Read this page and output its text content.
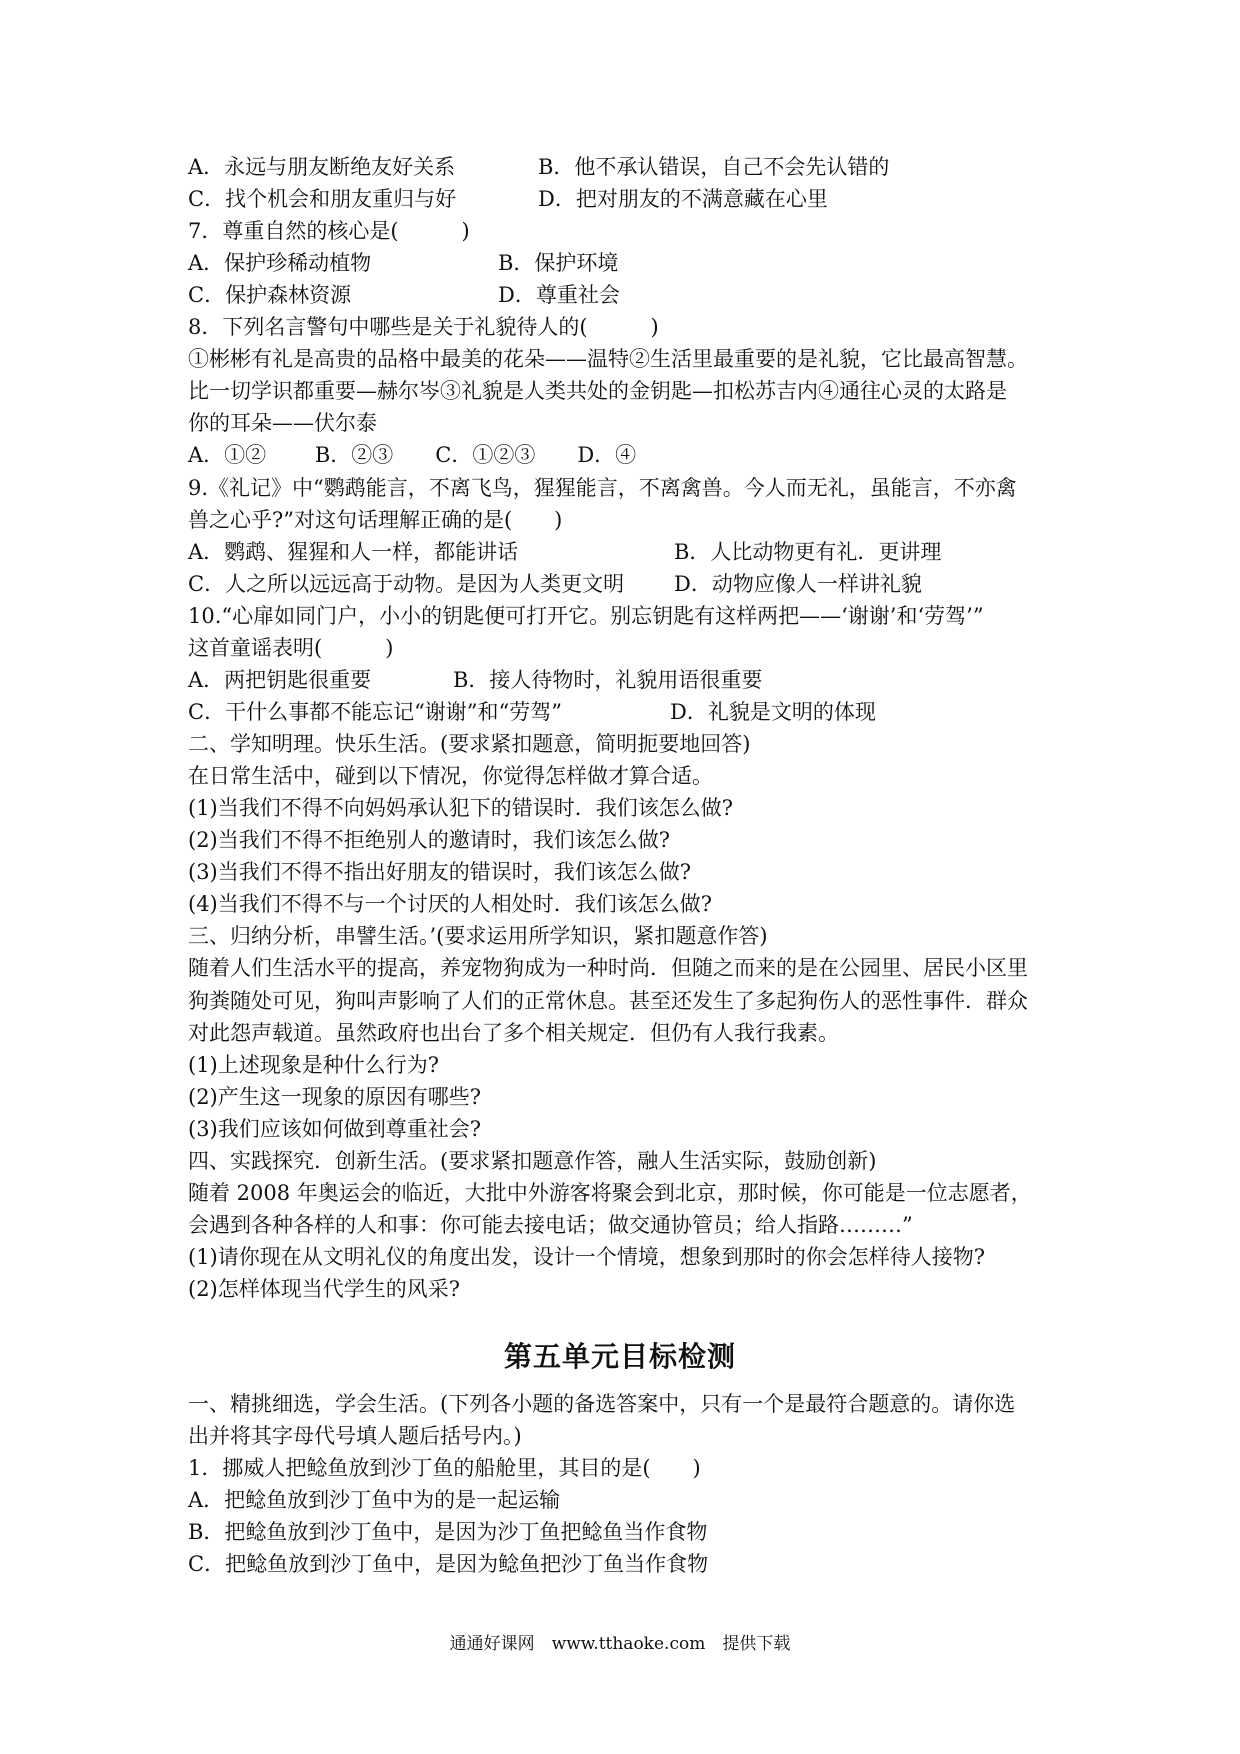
A．永远与朋友断绝友好关系	B．他不承认错误，自己不会先认错的
C．找个机会和朋友重归与好	D．把对朋友的不满意藏在心里
7．尊重自然的核心是(　　　)
A．保护珍稀动植物	B．保护环境
C．保护森林资源	D．尊重社会
8．下列名言警句中哪些是关于礼貌待人的(　　　)
①彬彬有礼是高贵的品格中最美的花朵——温特②生活里最重要的是礼貌，它比最高智慧。
比一切学识都重要—赫尔岑③礼貌是人类共处的金钥匙—扣松苏吉内④通往心灵的太路是
你的耳朵——伏尔泰
A．①②　　 B．②③　　C．①②③　　D．④
9.《礼记》中“鹦鹉能言，不离飞鸟，猩猩能言，不离禽兽。今人而无礼，虽能言，不亦禽
兽之心乎?”对这句话理解正确的是(　　)
A．鹦鹉、猩猩和人一样，都能讲话	B．人比动物更有礼．更讲理
C．人之所以远远高于动物。是因为人类更文明 D．动物应像人一样讲礼貌
10.“心扉如同门户，小小的钥匙便可打开它。别忘钥匙有这样两把——‘谢谢’和‘劳驾’”
这首童谣表明(　　　)
A．两把钥匙很重要	B．接人待物时，礼貌用语很重要
C．干什么事都不能忘记“谢谢”和“劳驾”	D．礼貌是文明的体现
二、学知明理。快乐生活。(要求紧扣题意，简明扼要地回答)
在日常生活中，碰到以下情况，你觉得怎样做才算合适。
(1)当我们不得不向妈妈承认犯下的错误时．我们该怎么做?
(2)当我们不得不拒绝别人的邀请时，我们该怎么做?
(3)当我们不得不指出好朋友的错误时，我们该怎么做?
(4)当我们不得不与一个讨厌的人相处时．我们该怎么做?
三、归纳分析，串譬生活。’(要求运用所学知识，紧扣题意作答)
随着人们生活水平的提高，养宠物狗成为一种时尚．但随之而来的是在公园里、居民小区里
狗粪随处可见，狗叫声影响了人们的正常休息。甚至还发生了多起狗伤人的恶性事件．群众
对此怨声载道。虽然政府也出台了多个相关规定．但仍有人我行我素。
(1)上述现象是种什么行为?
(2)产生这一现象的原因有哪些?
(3)我们应该如何做到尊重社会?
四、实践探究．创新生活。(要求紧扣题意作答，融人生活实际，鼓励创新)
随着 2008 年奥运会的临近，大批中外游客将聚会到北京，那时候，你可能是一位志愿者，
会遇到各种各样的人和事：你可能去接电话；做交通协管员；给人指路………”
(1)请你现在从文明礼仪的角度出发，设计一个情境，想象到那时的你会怎样待人接物?
(2)怎样体现当代学生的风采?
第五单元目标检测
一、精挑细选，学会生活。(下列各小题的备选答案中，只有一个是最符合题意的。请你选
出并将其字母代号填人题后括号内。)
1．挪威人把鲶鱼放到沙丁鱼的船舱里，其目的是(　　)
A．把鲶鱼放到沙丁鱼中为的是一起运输
B．把鲶鱼放到沙丁鱼中，是因为沙丁鱼把鲶鱼当作食物
C．把鲶鱼放到沙丁鱼中，是因为鲶鱼把沙丁鱼当作食物
通通好课网　www.tthaoke.com　提供下载
